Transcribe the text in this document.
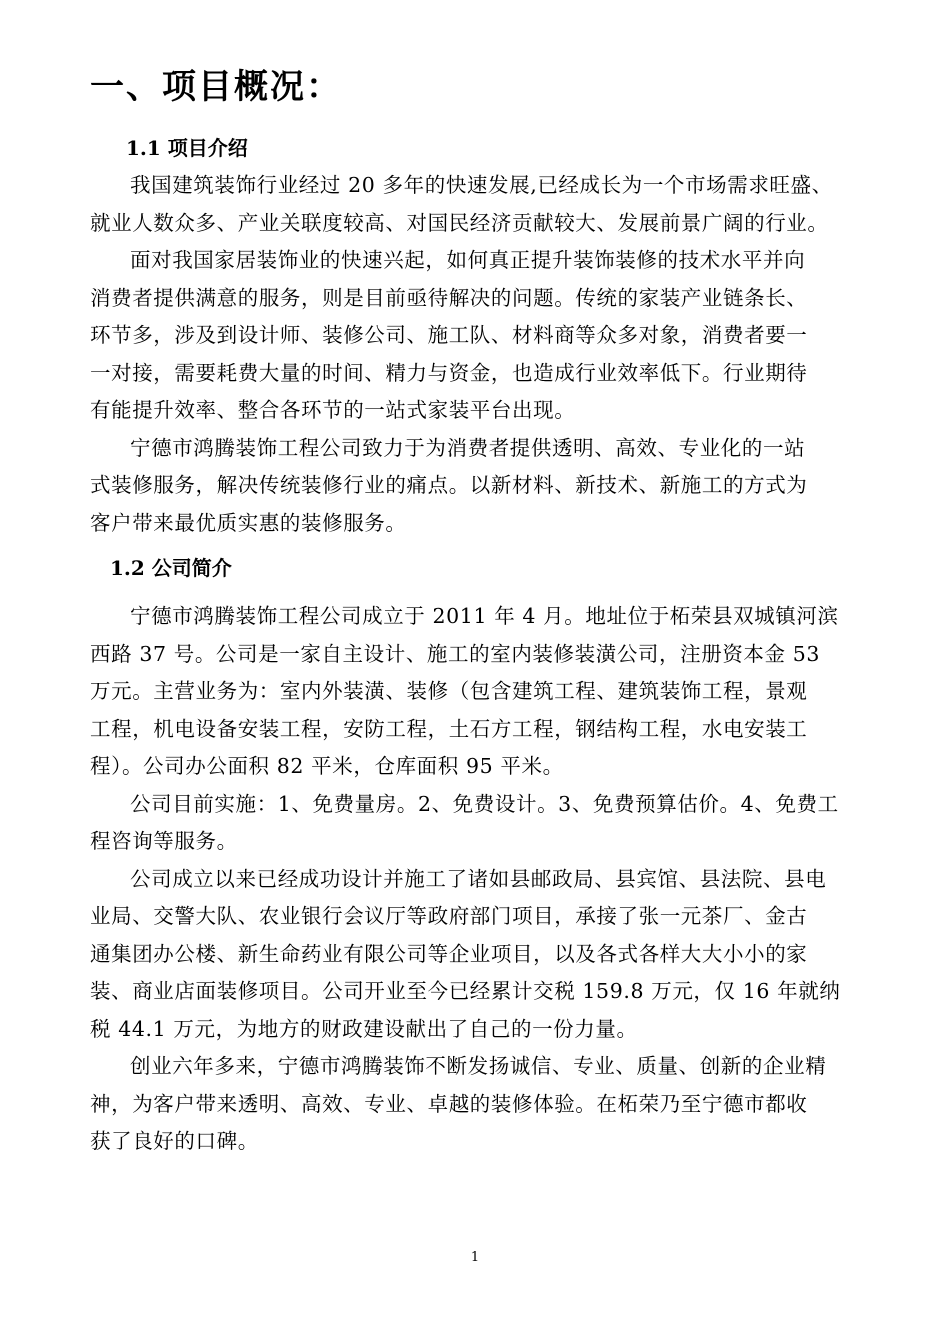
一、项目概况：
1.1 项目介绍
我国建筑装饰行业经过 20 多年的快速发展,已经成长为一个市场需求旺盛、
就业人数众多、产业关联度较高、对国民经济贡献较大、发展前景广阔的行业。
面对我国家居装饰业的快速兴起，如何真正提升装饰装修的技术水平并向
消费者提供满意的服务，则是目前亟待解决的问题。传统的家装产业链条长、
环节多，涉及到设计师、装修公司、施工队、材料商等众多对象，消费者要一
一对接，需要耗费大量的时间、精力与资金，也造成行业效率低下。行业期待
有能提升效率、整合各环节的一站式家装平台出现。
宁德市鸿腾装饰工程公司致力于为消费者提供透明、高效、专业化的一站
式装修服务，解决传统装修行业的痛点。以新材料、新技术、新施工的方式为
客户带来最优质实惠的装修服务。
1.2 公司简介
宁德市鸿腾装饰工程公司成立于 2011 年 4 月。地址位于柘荣县双城镇河滨
西路 37 号。公司是一家自主设计、施工的室内装修装潢公司，注册资本金 53
万元。主营业务为：室内外装潢、装修（包含建筑工程、建筑装饰工程，景观
工程，机电设备安装工程，安防工程，土石方工程，钢结构工程，水电安装工
程）。公司办公面积 82 平米，仓库面积 95 平米。
公司目前实施：1、免费量房。2、免费设计。3、免费预算估价。4、免费工
程咨询等服务。
公司成立以来已经成功设计并施工了诸如县邮政局、县宾馆、县法院、县电
业局、交警大队、农业银行会议厅等政府部门项目，承接了张一元茶厂、金古
通集团办公楼、新生命药业有限公司等企业项目，以及各式各样大大小小的家
装、商业店面装修项目。公司开业至今已经累计交税 159.8 万元，仅 16 年就纳
税 44.1 万元，为地方的财政建设献出了自己的一份力量。
创业六年多来，宁德市鸿腾装饰不断发扬诚信、专业、质量、创新的企业精
神，为客户带来透明、高效、专业、卓越的装修体验。在柘荣乃至宁德市都收
获了良好的口碑。
1
